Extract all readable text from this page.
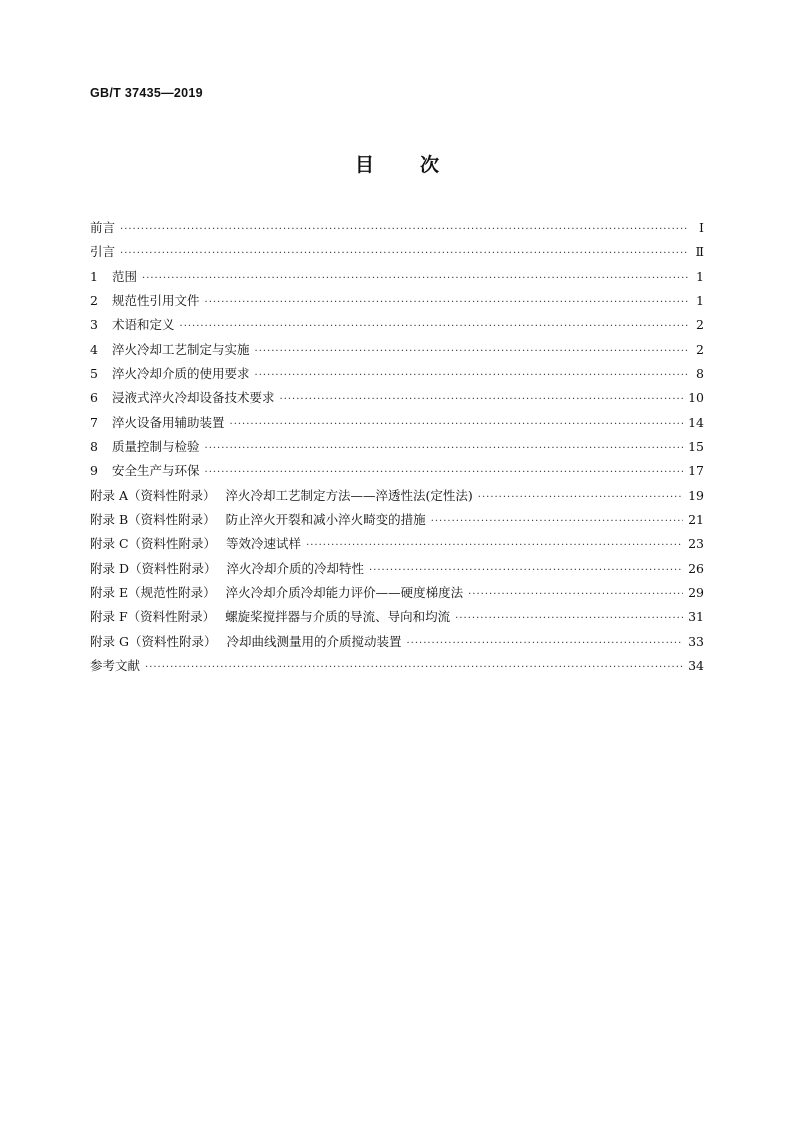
GB/T 37435—2019
目 次
前言 ·····	Ⅰ
引言 ·····	Ⅱ
1	范围 ·····	1
2	规范性引用文件 ·····	1
3	术语和定义 ·····	2
4	淬火冷却工艺制定与实施 ·····	2
5	淬火冷却介质的使用要求 ·····	8
6	浸液式淬火冷却设备技术要求 ·····	10
7	淬火设备用辅助装置 ·····	14
8	质量控制与检验 ·····	15
9	安全生产与环保 ·····	17
附录 A（资料性附录） 淬火冷却工艺制定方法——淬透性法(定性法) ·····	19
附录 B（资料性附录） 防止淬火开裂和减小淬火畸变的措施 ·····	21
附录 C（资料性附录） 等效冷速试样 ·····	23
附录 D（资料性附录） 淬火冷却介质的冷却特性 ·····	26
附录 E（规范性附录） 淬火冷却介质冷却能力评价——硬度梯度法 ·····	29
附录 F（资料性附录） 螺旋桨搅拌器与介质的导流、导向和均流 ·····	31
附录 G（资料性附录） 冷却曲线测量用的介质搅动装置 ·····	33
参考文献 ·····	34
